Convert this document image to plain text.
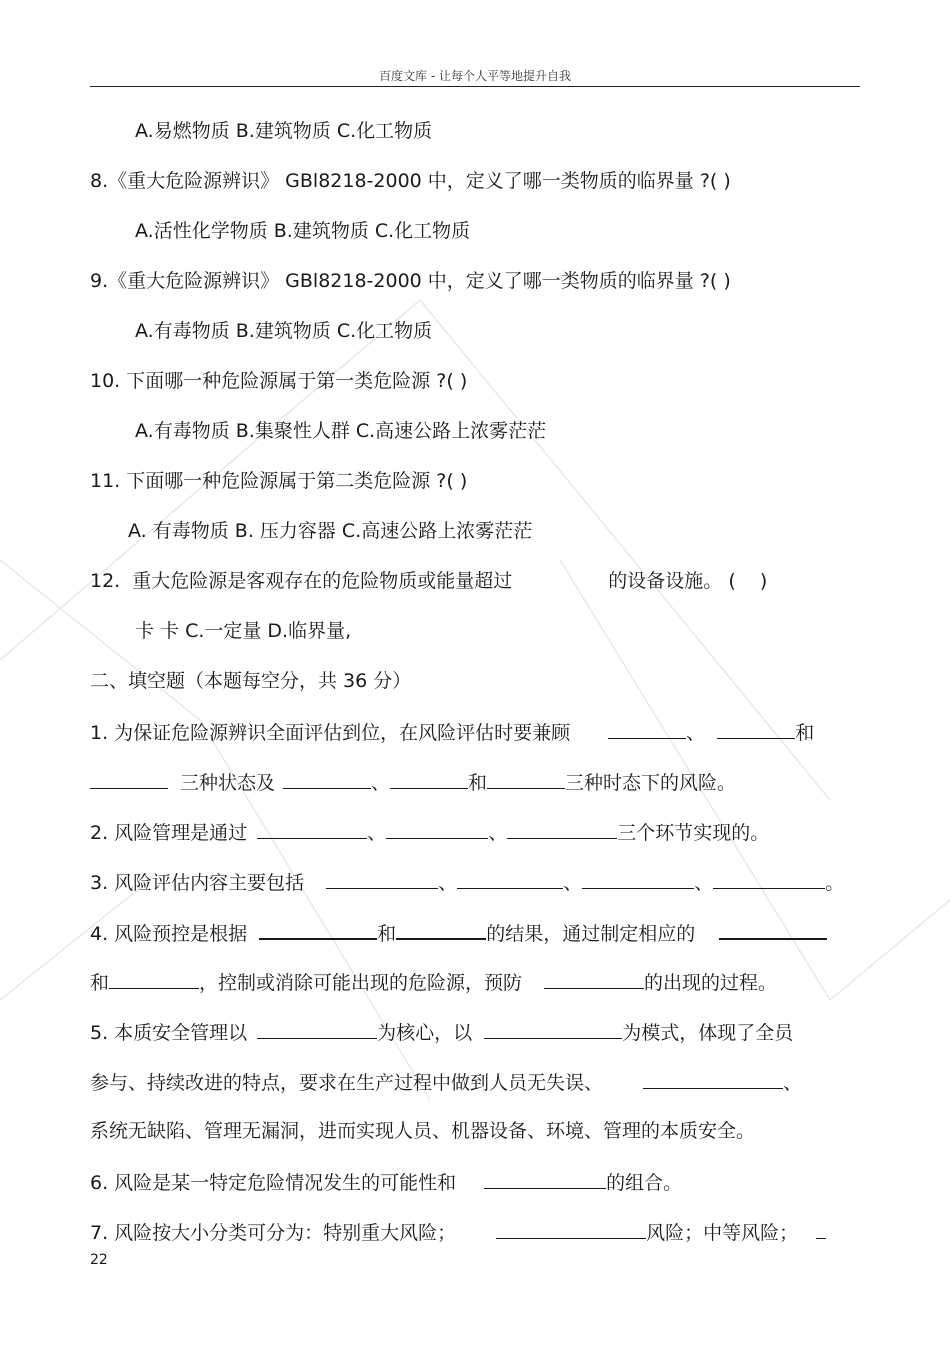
百度文库 - 让每个人平等地提升自我
A.易燃物质 B.建筑物质 C.化工物质
8.《重大危险源辨识》 GBl8218-2000 中，定义了哪一类物质的临界量 ?( )
A.活性化学物质 B.建筑物质 C.化工物质
9.《重大危险源辨识》 GBl8218-2000 中，定义了哪一类物质的临界量 ?( )
A.有毒物质 B.建筑物质 C.化工物质
10. 下面哪一种危险源属于第一类危险源 ?( )
A.有毒物质 B.集聚性人群 C.高速公路上浓雾茫茫
11. 下面哪一种危险源属于第二类危险源 ?( )
A. 有毒物质 B. 压力容器 C.高速公路上浓雾茫茫
12.  重大危险源是客观存在的危险物质或能量超过	的设备设施。 (    )
卡 卡 C.一定量 D.临界量,
二、填空题（本题每空分，共 36 分）
1. 为保证危险源辨识全面评估到位，在风险评估时要兼顾	、	和
三种状态及	、	和	三种时态下的风险。
2. 风险管理是通过	、	、	三个环节实现的。
3. 风险评估内容主要包括	、	、	、	。
4. 风险预控是根据	和	的结果，通过制定相应的
和	，控制或消除可能出现的危险源，预防	的出现的过程。
5. 本质安全管理以	为核心，以	为模式，体现了全员
参与、持续改进的特点，要求在生产过程中做到人员无失误、	、
系统无缺陷、管理无漏洞，进而实现人员、机器设备、环境、管理的本质安全。
6. 风险是某一特定危险情况发生的可能性和	的组合。
7. 风险按大小分类可分为：特别重大风险；	风险；中等风险；
22
